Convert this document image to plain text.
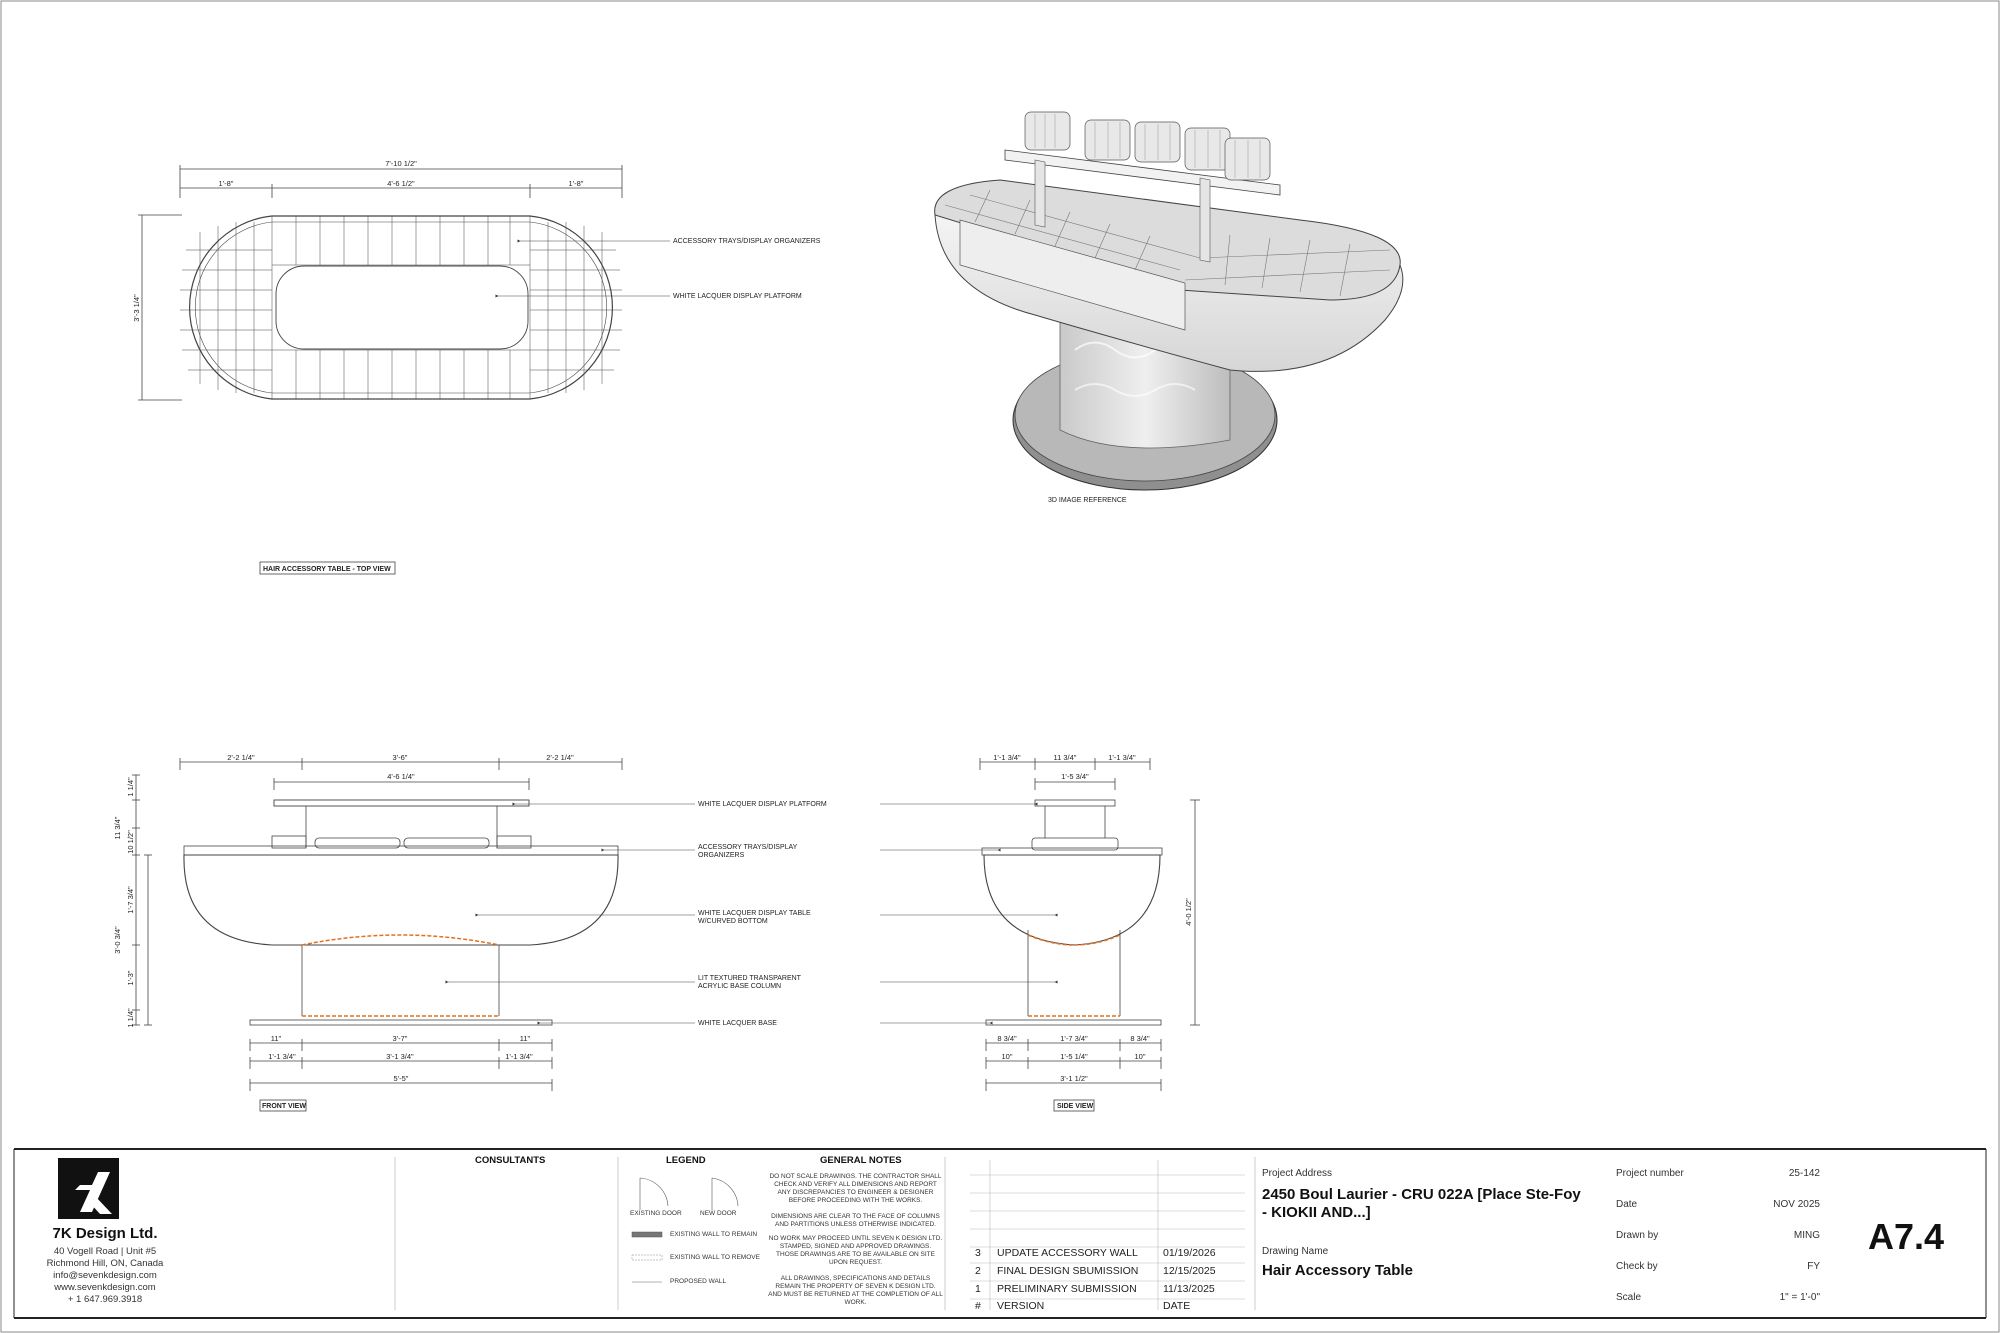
7'-10 1/2"
1'-8"	4'-6 1/2"	1'-8"
3'-3 1/4"
ACCESSORY TRAYS/DISPLAY ORGANIZERS
WHITE LACQUER DISPLAY PLATFORM
HAIR ACCESSORY TABLE - TOP VIEW
3D IMAGE REFERENCE
2'-2 1/4"	3'-6"	2'-2 1/4"
4'-6 1/4"
1 1/4"
11 3/4"
10 1/2"
1'-7 3/4"
3'-0 3/4"
1'-3"
1 1/4"
11"	3'-7"	11"
1'-1 3/4"	3'-1 3/4"	1'-1 3/4"
5'-5"
FRONT VIEW
WHITE LACQUER DISPLAY PLATFORM
ACCESSORY TRAYS/DISPLAY
ORGANIZERS
WHITE LACQUER DISPLAY TABLE
W/CURVED BOTTOM
LIT TEXTURED TRANSPARENT
ACRYLIC BASE COLUMN
WHITE LACQUER BASE
1'-1 3/4"	11 3/4"	1'-1 3/4"
1'-5 3/4"
4'-0 1/2"
8 3/4"	1'-7 3/4"	8 3/4"
10"	1'-5 1/4"	10"
3'-1 1/2"
SIDE VIEW
7K Design Ltd.
40 Vogell Road | Unit #5
Richmond Hill, ON, Canada
info@sevenkdesign.com
www.sevenkdesign.com
+ 1 647.969.3918
CONSULTANTS	LEGEND
EXISTING DOOR	NEW DOOR
EXISTING WALL TO REMAIN
EXISTING WALL TO REMOVE
PROPOSED WALL
GENERAL NOTES
DO NOT SCALE DRAWINGS. THE CONTRACTOR SHALL CHECK AND VERIFY ALL DIMENSIONS AND REPORT ANY DISCREPANCIES TO ENGINEER & DESIGNER BEFORE PROCEEDING WITH THE WORKS.
DIMENSIONS ARE CLEAR TO THE FACE OF COLUMNS AND PARTITIONS UNLESS OTHERWISE INDICATED.
NO WORK MAY PROCEED UNTIL SEVEN K DESIGN LTD. STAMPED, SIGNED AND APPROVED DRAWINGS. THOSE DRAWINGS ARE TO BE AVAILABLE ON SITE UPON REQUEST.
ALL DRAWINGS, SPECIFICATIONS AND DETAILS REMAIN THE PROPERTY OF SEVEN K DESIGN LTD. AND MUST BE RETURNED AT THE COMPLETION OF ALL WORK.
3 UPDATE ACCESSORY WALL 01/19/2026
2 FINAL DESIGN SBUMISSION 12/15/2025
1 PRELIMINARY SUBMISSION	11/13/2025
# VERSION	DATE
Project Address
2450 Boul Laurier - CRU 022A [Place Ste-Foy
- KIOKII AND...]
Drawing Name
Hair Accessory Table
Project number	25-142
Date	NOV 2025
Drawn by	MING
Check by	FY
Scale	1" = 1'-0"
A7.4
